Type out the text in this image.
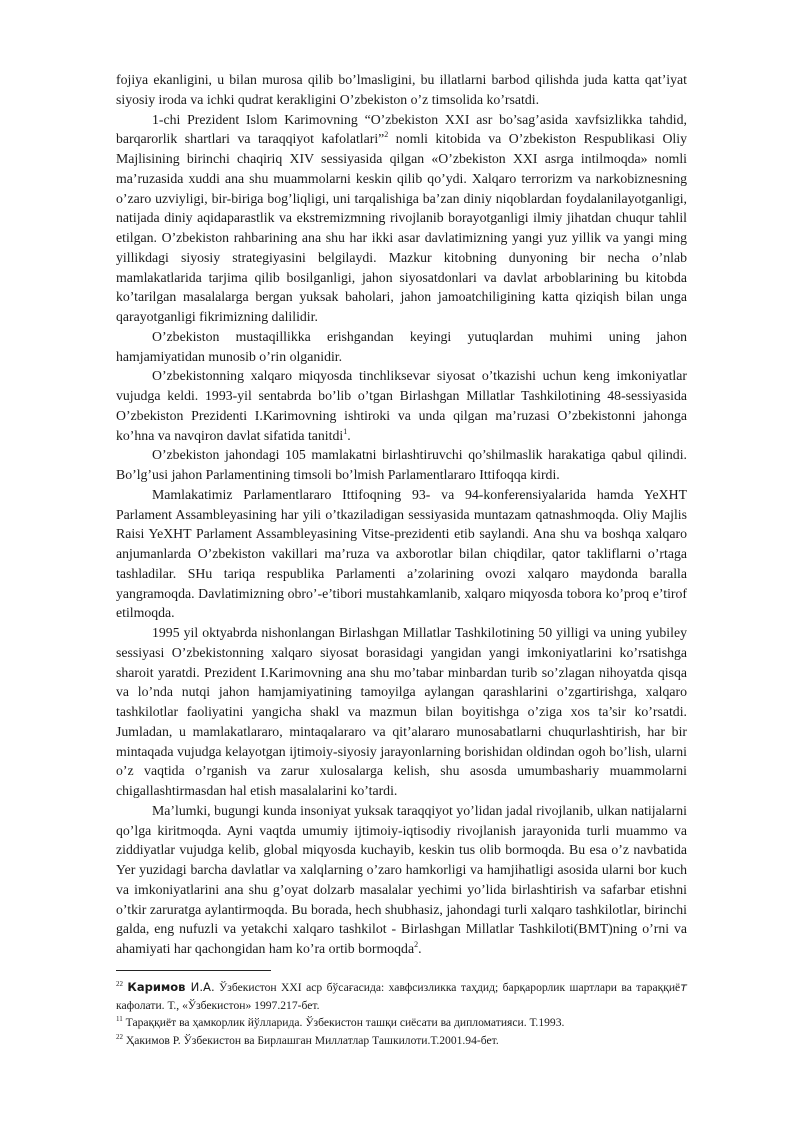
fojiya ekanligini, u bilan murosa qilib bo’lmasligini, bu illatlarni barbod qilishda juda katta qat’iyat siyosiy iroda va ichki qudrat kerakligini O’zbekiston o’z timsolida ko’rsatdi.

1-chi Prezident Islom Karimovning “O’zbekiston XXI asr bo’sag’asida xavfsizlikka tahdid, barqarorlik shartlari va taraqqiyot kafolatlari”$^2$ nomli kitobida va O’zbekiston Respublikasi Oliy Majlisining birinchi chaqiriq XIV sessiyasida qilgan «O’zbekiston XXI asrga intilmoqda» nomli ma’ruzasida xuddi ana shu muammolarni keskin qilib qo’ydi. Xalqaro terrorizm va narkobiznesning o’zaro uzviyligi, bir-biriga bog’liqligi, uni tarqalishiga ba’zan diniy niqoblardan foydalanilayotganligi, natijada diniy aqidaparastlik va ekstremizmning rivojlanib borayotganligi ilmiy jihatdan chuqur tahlil etilgan. O’zbekiston rahbarining ana shu har ikki asar davlatimizning yangi yuz yillik va yangi ming yillikdagi siyosiy strategiyasini belgilaydi. Mazkur kitobning dunyoning bir necha o’nlab mamlakatlarida tarjima qilib bosilganligi, jahon siyosatdonlari va davlat arboblarining bu kitobda ko’tarilgan masalalarga bergan yuksak baholari, jahon jamoatchiligining katta qiziqish bilan unga qarayotganligi fikrimizning dalilidir.

O’zbekiston mustaqillikka erishgandan keyingi yutuqlardan muhimi uning jahon hamjamiyatidan munosib o’rin olganidir.

O’zbekistonning xalqaro miqyosda tinchliksevar siyosat o’tkazishi uchun keng imkoniyatlar vujudga keldi. 1993-yil sentabrda bo’lib o’tgan Birlashgan Millatlar Tashkilotining 48-sessiyasida O’zbekiston Prezidenti I.Karimovning ishtiroki va unda qilgan ma’ruzasi O’zbekistonni jahonga ko’hna va navqiron davlat sifatida tanitdi$^1$.

O’zbekiston jahondagi 105 mamlakatni birlashtiruvchi qo’shilmaslik harakatiga qabul qilindi. Bo’lg’usi jahon Parlamentining timsoli bo’lmish Parlamentlararo Ittifoqqa kirdi.

Mamlakatimiz Parlamentlararo Ittifoqning 93- va 94-konferensiyalarida hamda YeXHT Parlament Assambleyasining har yili o’tkaziladigan sessiyasida muntazam qatnashmoqda. Oliy Majlis Raisi YeXHT Parlament Assambleyasining Vitse-prezidenti etib saylandi. Ana shu va boshqa xalqaro anjumanlarda O’zbekiston vakillari ma’ruza va axborotlar bilan chiqdilar, qator takliflarni o’rtaga tashladilar. SHu tariqa respublika Parlamenti a’zolarining ovozi xalqaro maydonda baralla yangramoqda. Davlatimizning obro’-e’tibori mustahkamlanib, xalqaro miqyosda tobora ko’proq e’tirof etilmoqda.

1995 yil oktyabrda nishonlangan Birlashgan Millatlar Tashkilotining 50 yilligi va uning yubiley sessiyasi O’zbekistonning xalqaro siyosat borasidagi yangidan yangi imkoniyatlarini ko’rsatishga sharoit yaratdi. Prezident I.Karimovning ana shu mo’tabar minbardan turib so’zlagan nihoyatda qisqa va lo’nda nutqi jahon hamjamiyatining tamoyilga aylangan qarashlarini o’zgartirishga, xalqaro tashkilotlar faoliyatini yangicha shakl va mazmun bilan boyitishga o’ziga xos ta’sir ko’rsatdi. Jumladan, u mamlakatlararo, mintaqalararo va qit’alararo munosabatlarni chuqurlashtirish, har bir mintaqada vujudga kelayotgan ijtimoiy-siyosiy jarayonlarning borishidan oldindan ogoh bo’lish, ularni o’z vaqtida o’rganish va zarur xulosalarga kelish, shu asosda umumbashariy muammolarni chigallashtirmasdan hal etish masalalarini ko’tardi.

Ma’lumki, bugungi kunda insoniyat yuksak taraqqiyot yo’lidan jadal rivojlanib, ulkan natijalarni qo’lga kiritmoqda. Ayni vaqtda umumiy ijtimoiy-iqtisodiy rivojlanish jarayonida turli muammo va ziddiyatlar vujudga kelib, global miqyosda kuchayib, keskin tus olib bormoqda. Bu esa o’z navbatida Yer yuzidagi barcha davlatlar va xalqlarning o’zaro hamkorligi va hamjihatligi asosida ularni bor kuch va imkoniyatlarini ana shu g’oyat dolzarb masalalar yechimi yo’lida birlashtirish va safarbar etishni o’tkir zaruratga aylantirmoqda. Bu borada, hech shubhasiz, jahondagi turli xalqaro tashkilotlar, birinchi galda, eng nufuzli va yetakchi xalqaro tashkilot - Birlashgan Millatlar Tashkiloti(BMT)ning o’rni va ahamiyati har qachongidan ham ko’ra ortib bormoqda$^2$.

$^{22}$ Каримов И.А. Ўзбекистон XXI аср бўсағасида: хавфсизликка таҳдид; барқарорлик шартлари ва тараққиёт кафолати. Т., «Ўзбекистон» 1997.217-бет.

$^{11}$ Тараққиёт ва ҳамкорлик йўлларида. Ўзбекистон ташқи сиёсати ва дипломатияси. Т.1993.

$^{22}$ Ҳакимов Р. Ўзбекистон ва Бирлашган Миллатлар Ташкилоти.Т.2001.94-бет.
